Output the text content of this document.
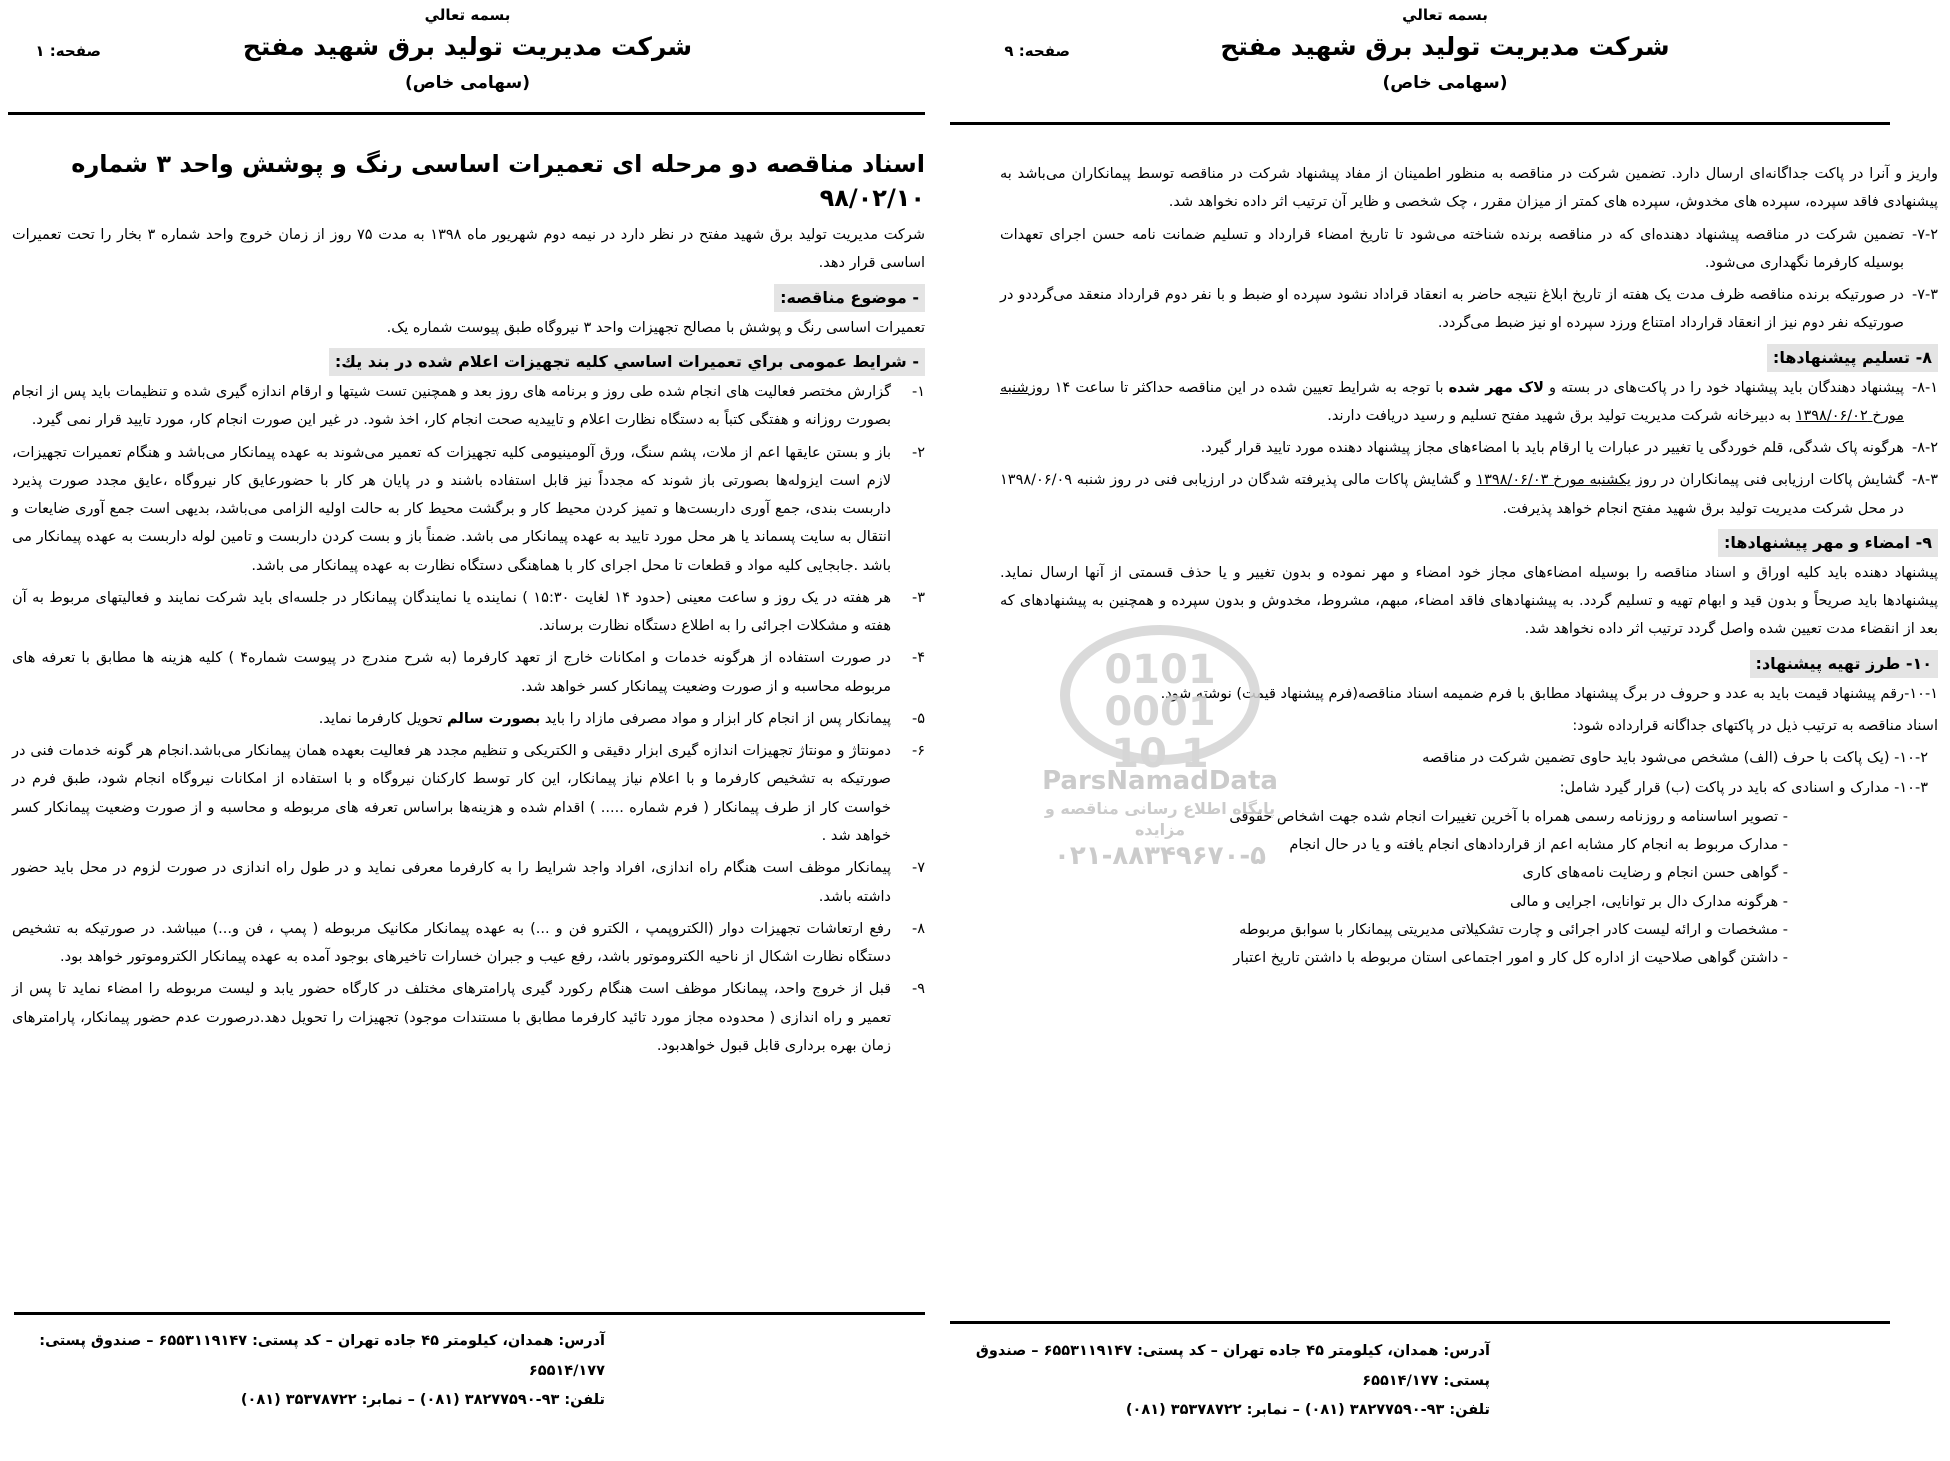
بسمه تعالي
شرکت مدیریت تولید برق شهید مفتح
(سهامی خاص)
صفحه: ۱
اسناد مناقصه دو مرحله ای تعمیرات اساسی رنگ و پوشش واحد ۳ شماره ۹۸/۰۲/۱۰
شرکت مدیریت تولید برق شهید مفتح در نظر دارد در نیمه دوم شهریور ماه ۱۳۹۸ به مدت ۷۵ روز از زمان خروج واحد شماره ۳ بخار را تحت تعمیرات اساسی قرار دهد.
- موضوع مناقصه:
تعمیرات اساسی رنگ و پوشش با مصالح تجهیزات واحد ۳ نیروگاه طبق پیوست شماره یک.
- شرایط عمومی براي تعميرات اساسي كليه تجهيزات اعلام شده در بند يك:
۱-
گزارش مختصر فعالیت های انجام شده طی روز و برنامه های روز بعد و همچنین تست شیتها و ارقام اندازه گیری شده و تنظیمات باید پس از انجام بصورت روزانه و هفتگی کتباً به دستگاه نظارت اعلام و تاییدیه صحت انجام کار، اخذ شود. در غیر این صورت انجام کار، مورد تایید قرار نمی گیرد.
۲-
باز و بستن عایقها اعم از ملات، پشم سنگ، ورق آلومینیومی کلیه تجهیزات که تعمیر می‌شوند به عهده پیمانکار می‌باشد و هنگام تعمیرات تجهیزات، لازم است ایزوله‌ها بصورتی باز شوند که مجدداً نیز قابل استفاده باشند و در پایان هر کار با حضورعایق کار نیروگاه ،عایق مجدد صورت پذیرد داربست بندی، جمع آوری داربست‌ها و تمیز کردن محیط کار و برگشت محیط کار به حالت اولیه الزامی می‌باشد، بدیهی است جمع آوری ضایعات و انتقال به سایت پسماند یا هر محل مورد تایید به عهده پیمانکار می باشد. ضمناً باز و بست کردن داربست و تامین لوله داربست به عهده پیمانکار می باشد .جابجایی کلیه مواد و قطعات تا محل اجرای کار با هماهنگی دستگاه نظارت به عهده پیمانکار می باشد.
۳-
هر هفته در یک روز و ساعت معینی (حدود ۱۴ لغایت ۱۵:۳۰ ) نماینده یا نمایندگان پیمانکار در جلسه‌ای باید شرکت نمایند و فعالیتهای مربوط به آن هفته و مشکلات اجرائی را به اطلاع دستگاه نظارت برساند.
۴-
در صورت استفاده از هرگونه خدمات و امکانات خارج از تعهد کارفرما (به شرح مندرج در پیوست شماره۴ ) کلیه هزینه ها مطابق با تعرفه های مربوطه محاسبه و از صورت وضعیت پیمانکار کسر خواهد شد.
۵-
پیمانکار پس از انجام کار ابزار و مواد مصرفی مازاد را باید بصورت سالم تحویل کارفرما نماید.
۶-
دمونتاژ و مونتاژ تجهیزات اندازه گیری ابزار دقیقی و الکتریکی و تنظیم مجدد هر فعالیت بعهده همان پیمانکار می‌باشد.انجام هر گونه خدمات فنی در صورتیکه به تشخیص کارفرما و با اعلام نیاز پیمانکار، این کار توسط کارکنان نیروگاه و با استفاده از امکانات نیروگاه انجام شود، طبق فرم در خواست کار از طرف پیمانکار ( فرم شماره ..... ) اقدام شده و هزینه‌ها براساس تعرفه های مربوطه و محاسبه و از صورت وضعیت پیمانکار کسر خواهد شد .
۷-
پیمانکار موظف است هنگام راه اندازی، افراد واجد شرایط را به کارفرما معرفی نماید و در طول راه اندازی در صورت لزوم در محل باید حضور داشته باشد.
۸-
رفع ارتعاشات تجهیزات دوار (الکتروپمپ ، الکترو فن و ...) به عهده پیمانکار مکانیک مربوطه ( پمپ ، فن و...) میباشد. در صورتیکه به تشخیص دستگاه نظارت اشکال از ناحیه الکتروموتور باشد، رفع عیب و جبران خسارات تاخیرهای بوجود آمده به عهده پیمانکار الکتروموتور خواهد بود.
۹-
قبل از خروج واحد، پیمانکار موظف است هنگام رکورد گیری پارامترهای مختلف در کارگاه حضور یابد و لیست مربوطه را امضاء نماید تا پس از تعمیر و راه اندازی ( محدوده مجاز مورد تائید کارفرما مطابق با مستندات موجود) تجهیزات را تحویل دهد.درصورت عدم حضور پیمانکار، پارامترهای زمان بهره برداری قابل قبول خواهدبود.
آدرس: همدان، کیلومتر ۴۵ جاده تهران – کد پستی: ۶۵۵۳۱۱۹۱۴۷ – صندوق پستی: ۶۵۵۱۴/۱۷۷
تلفن: ۹۳-۳۸۲۷۷۵۹۰ (۰۸۱) – نمابر: ۳۵۳۷۸۷۲۲ (۰۸۱)
بسمه تعالي
شرکت مدیریت تولید برق شهید مفتح
(سهامی خاص)
صفحه: ۹
واریز و آنرا در پاکت جداگانه‌ای ارسال دارد. تضمین شرکت در مناقصه به منظور اطمینان از مفاد پیشنهاد شرکت در مناقصه توسط پیمانکاران می‌باشد به پیشنهادی فاقد سپرده، سپرده های مخدوش، سپرده های کمتر از میزان مقرر ، چک شخصی و ظایر آن ترتیب اثر داده نخواهد شد.
۷-۲-
تضمین شرکت در مناقصه پیشنهاد دهنده‌ای که در مناقصه برنده شناخته می‌شود تا تاریخ امضاء قرارداد و تسلیم ضمانت نامه حسن اجرای تعهدات بوسیله کارفرما نگهداری می‌شود.
۷-۳-
در صورتیکه برنده مناقصه ظرف مدت یک هفته از تاریخ ابلاغ نتیجه حاضر به انعقاد قراداد نشود سپرده او ضبط و با نفر دوم قرارداد منعقد می‌گرددو در صورتیکه نفر دوم نیز از انعقاد قرارداد امتناع ورزد سپرده او نیز ضبط می‌گردد.
۸- تسلیم پیشنهادها:
۸-۱-
پیشنهاد دهندگان باید پیشنهاد خود را در پاکت‌های در بسته و لاک مهر شده با توجه به شرایط تعیین شده در این مناقصه حداکثر تا ساعت ۱۴ روزشنبه مورخ ۱۳۹۸/۰۶/۰۲ به دبیرخانه شرکت مدیریت تولید برق شهید مفتح تسلیم و رسید دریافت دارند.
۸-۲-
هرگونه پاک شدگی، قلم خوردگی یا تغییر در عبارات یا ارقام باید با امضاءهای مجاز پیشنهاد دهنده مورد تایید قرار گیرد.
۸-۳-
گشایش پاکات ارزیابی فنی پیمانکاران در روز یکشنبه مورخ ۱۳۹۸/۰۶/۰۳ و گشایش پاکات مالی پذیرفته شدگان در ارزیابی فنی در روز شنبه ۱۳۹۸/۰۶/۰۹ در محل شرکت مدیریت تولید برق شهید مفتح انجام خواهد پذیرفت.
۹- امضاء و مهر پیشنهادها:
پیشنهاد دهنده باید کلیه اوراق و اسناد مناقصه را بوسیله امضاءهای مجاز خود امضاء و مهر نموده و بدون تغییر و یا حذف قسمتی از آنها ارسال نماید. پیشنهادها باید صریحاً و بدون قید و ابهام تهیه و تسلیم گردد. به پیشنهادهای فاقد امضاء، مبهم، مشروط، مخدوش و بدون سپرده و همچنین به پیشنهادهای که بعد از انقضاء مدت تعیین شده واصل گردد ترتیب اثر داده نخواهد شد.
۱۰- طرز تهیه پیشنهاد:
۱۰-۱-
رقم پیشنهاد قیمت باید به عدد و حروف در برگ پیشنهاد مطابق با فرم ضمیمه اسناد مناقصه(فرم پیشنهاد قیمت) نوشته شود.
اسناد مناقصه به ترتیب ذیل در پاکتهای جداگانه قرارداده شود:
۱۰-۲- (یک پاکت با حرف (الف) مشخص می‌شود باید حاوی تضمین شرکت در مناقصه
۱۰-۳- مدارک و اسنادی که باید در پاکت (ب) قرار گیرد شامل:
- تصویر اساسنامه و روزنامه رسمی همراه با آخرین تغییرات انجام شده جهت اشخاص حقوقی
- مدارک مربوط به انجام کار مشابه اعم از قراردادهای انجام یافته و یا در حال انجام
- گواهی حسن انجام و رضایت نامه‌های کاری
- هرگونه مدارک دال بر توانایی، اجرایی و مالی
- مشخصات و ارائه لیست کادر اجرائی و چارت تشکیلاتی مدیریتی پیمانکار با سوابق مربوطه
- داشتن گواهی صلاحیت از اداره کل کار و امور اجتماعی استان مربوطه با داشتن تاریخ اعتبار
آدرس: همدان، کیلومتر ۴۵ جاده تهران – کد پستی: ۶۵۵۳۱۱۹۱۴۷ – صندوق پستی: ۶۵۵۱۴/۱۷۷
تلفن: ۹۳-۳۸۲۷۷۵۹۰ (۰۸۱) – نمابر: ۳۵۳۷۸۷۲۲ (۰۸۱)
0101 0001 10 1
ParsNamadData
پایگاه اطلاع رسانی مناقصه و مزایده
۰۲۱-۸۸۳۴۹۶۷۰-۵
